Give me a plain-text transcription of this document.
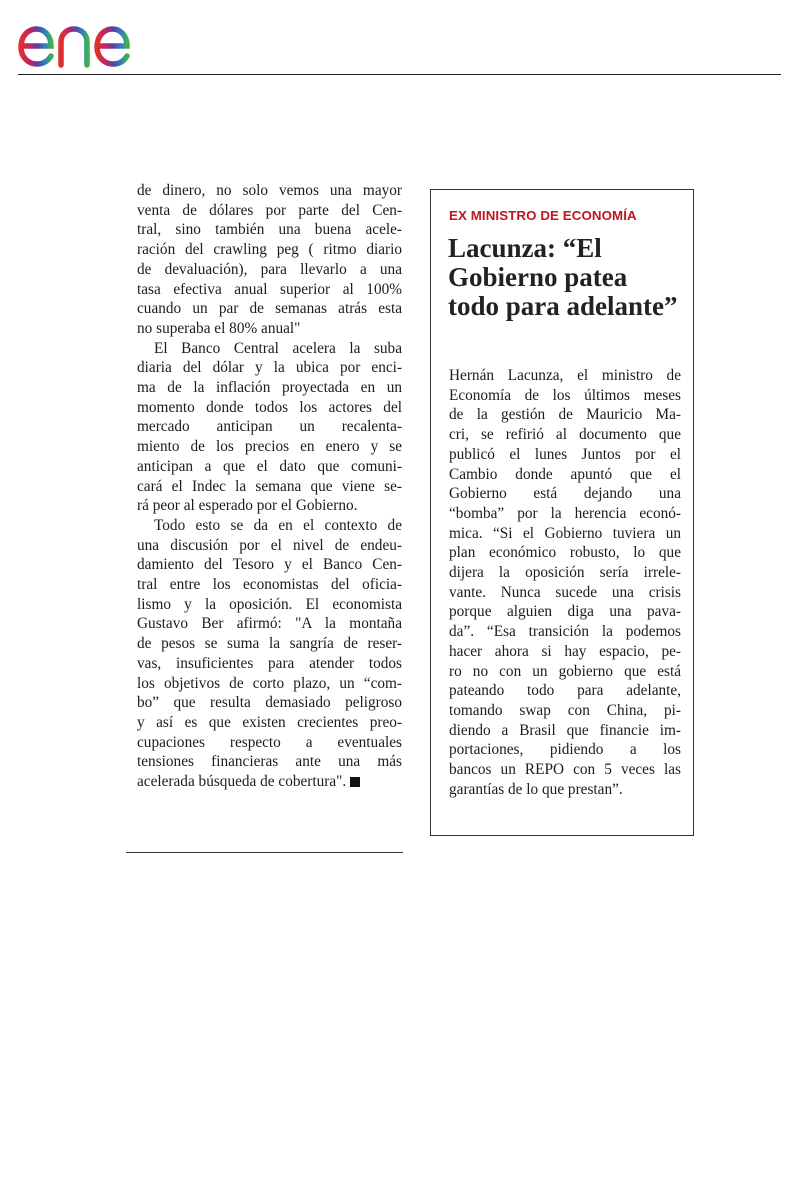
de dinero, no solo vemos una mayor
venta de dólares por parte del Cen-
tral, sino también una buena acele-
ración del crawling peg ( ritmo diario
de devaluación), para llevarlo a una
tasa efectiva anual superior al 100%
cuando un par de semanas atrás esta
no superaba el 80% anual"

El Banco Central acelera la suba
diaria del dólar y la ubica por enci-
ma de la inflación proyectada en un
momento donde todos los actores del
mercado anticipan un recalenta-
miento de los precios en enero y se
anticipan a que el dato que comuni-
cará el Indec la semana que viene se-
rá peor al esperado por el Gobierno.

Todo esto se da en el contexto de
una discusión por el nivel de endeu-
damiento del Tesoro y el Banco Cen-
tral entre los economistas del oficia-
lismo y la oposición. El economista
Gustavo Ber afirmó: "A la montaña
de pesos se suma la sangría de reser-
vas, insuficientes para atender todos
los objetivos de corto plazo, un “com-
bo” que resulta demasiado peligroso
y así es que existen crecientes preo-
cupaciones respecto a eventuales
tensiones financieras ante una más
acelerada búsqueda de cobertura".

EX MINISTRO DE ECONOMÍA
Lacunza: “El
Gobierno patea
todo para adelante”
Hernán Lacunza, el ministro de
Economía de los últimos meses
de la gestión de Mauricio Ma-
cri, se refirió al documento que
publicó el lunes Juntos por el
Cambio donde apuntó que el
Gobierno está dejando una
“bomba” por la herencia econó-
mica. “Si el Gobierno tuviera un
plan económico robusto, lo que
dijera la oposición sería irrele-
vante. Nunca sucede una crisis
porque alguien diga una pava-
da”. “Esa transición la podemos
hacer ahora si hay espacio, pe-
ro no con un gobierno que está
pateando todo para adelante,
tomando swap con China, pi-
diendo a Brasil que financie im-
portaciones, pidiendo a los
bancos un REPO con 5 veces las
garantías de lo que prestan”.
